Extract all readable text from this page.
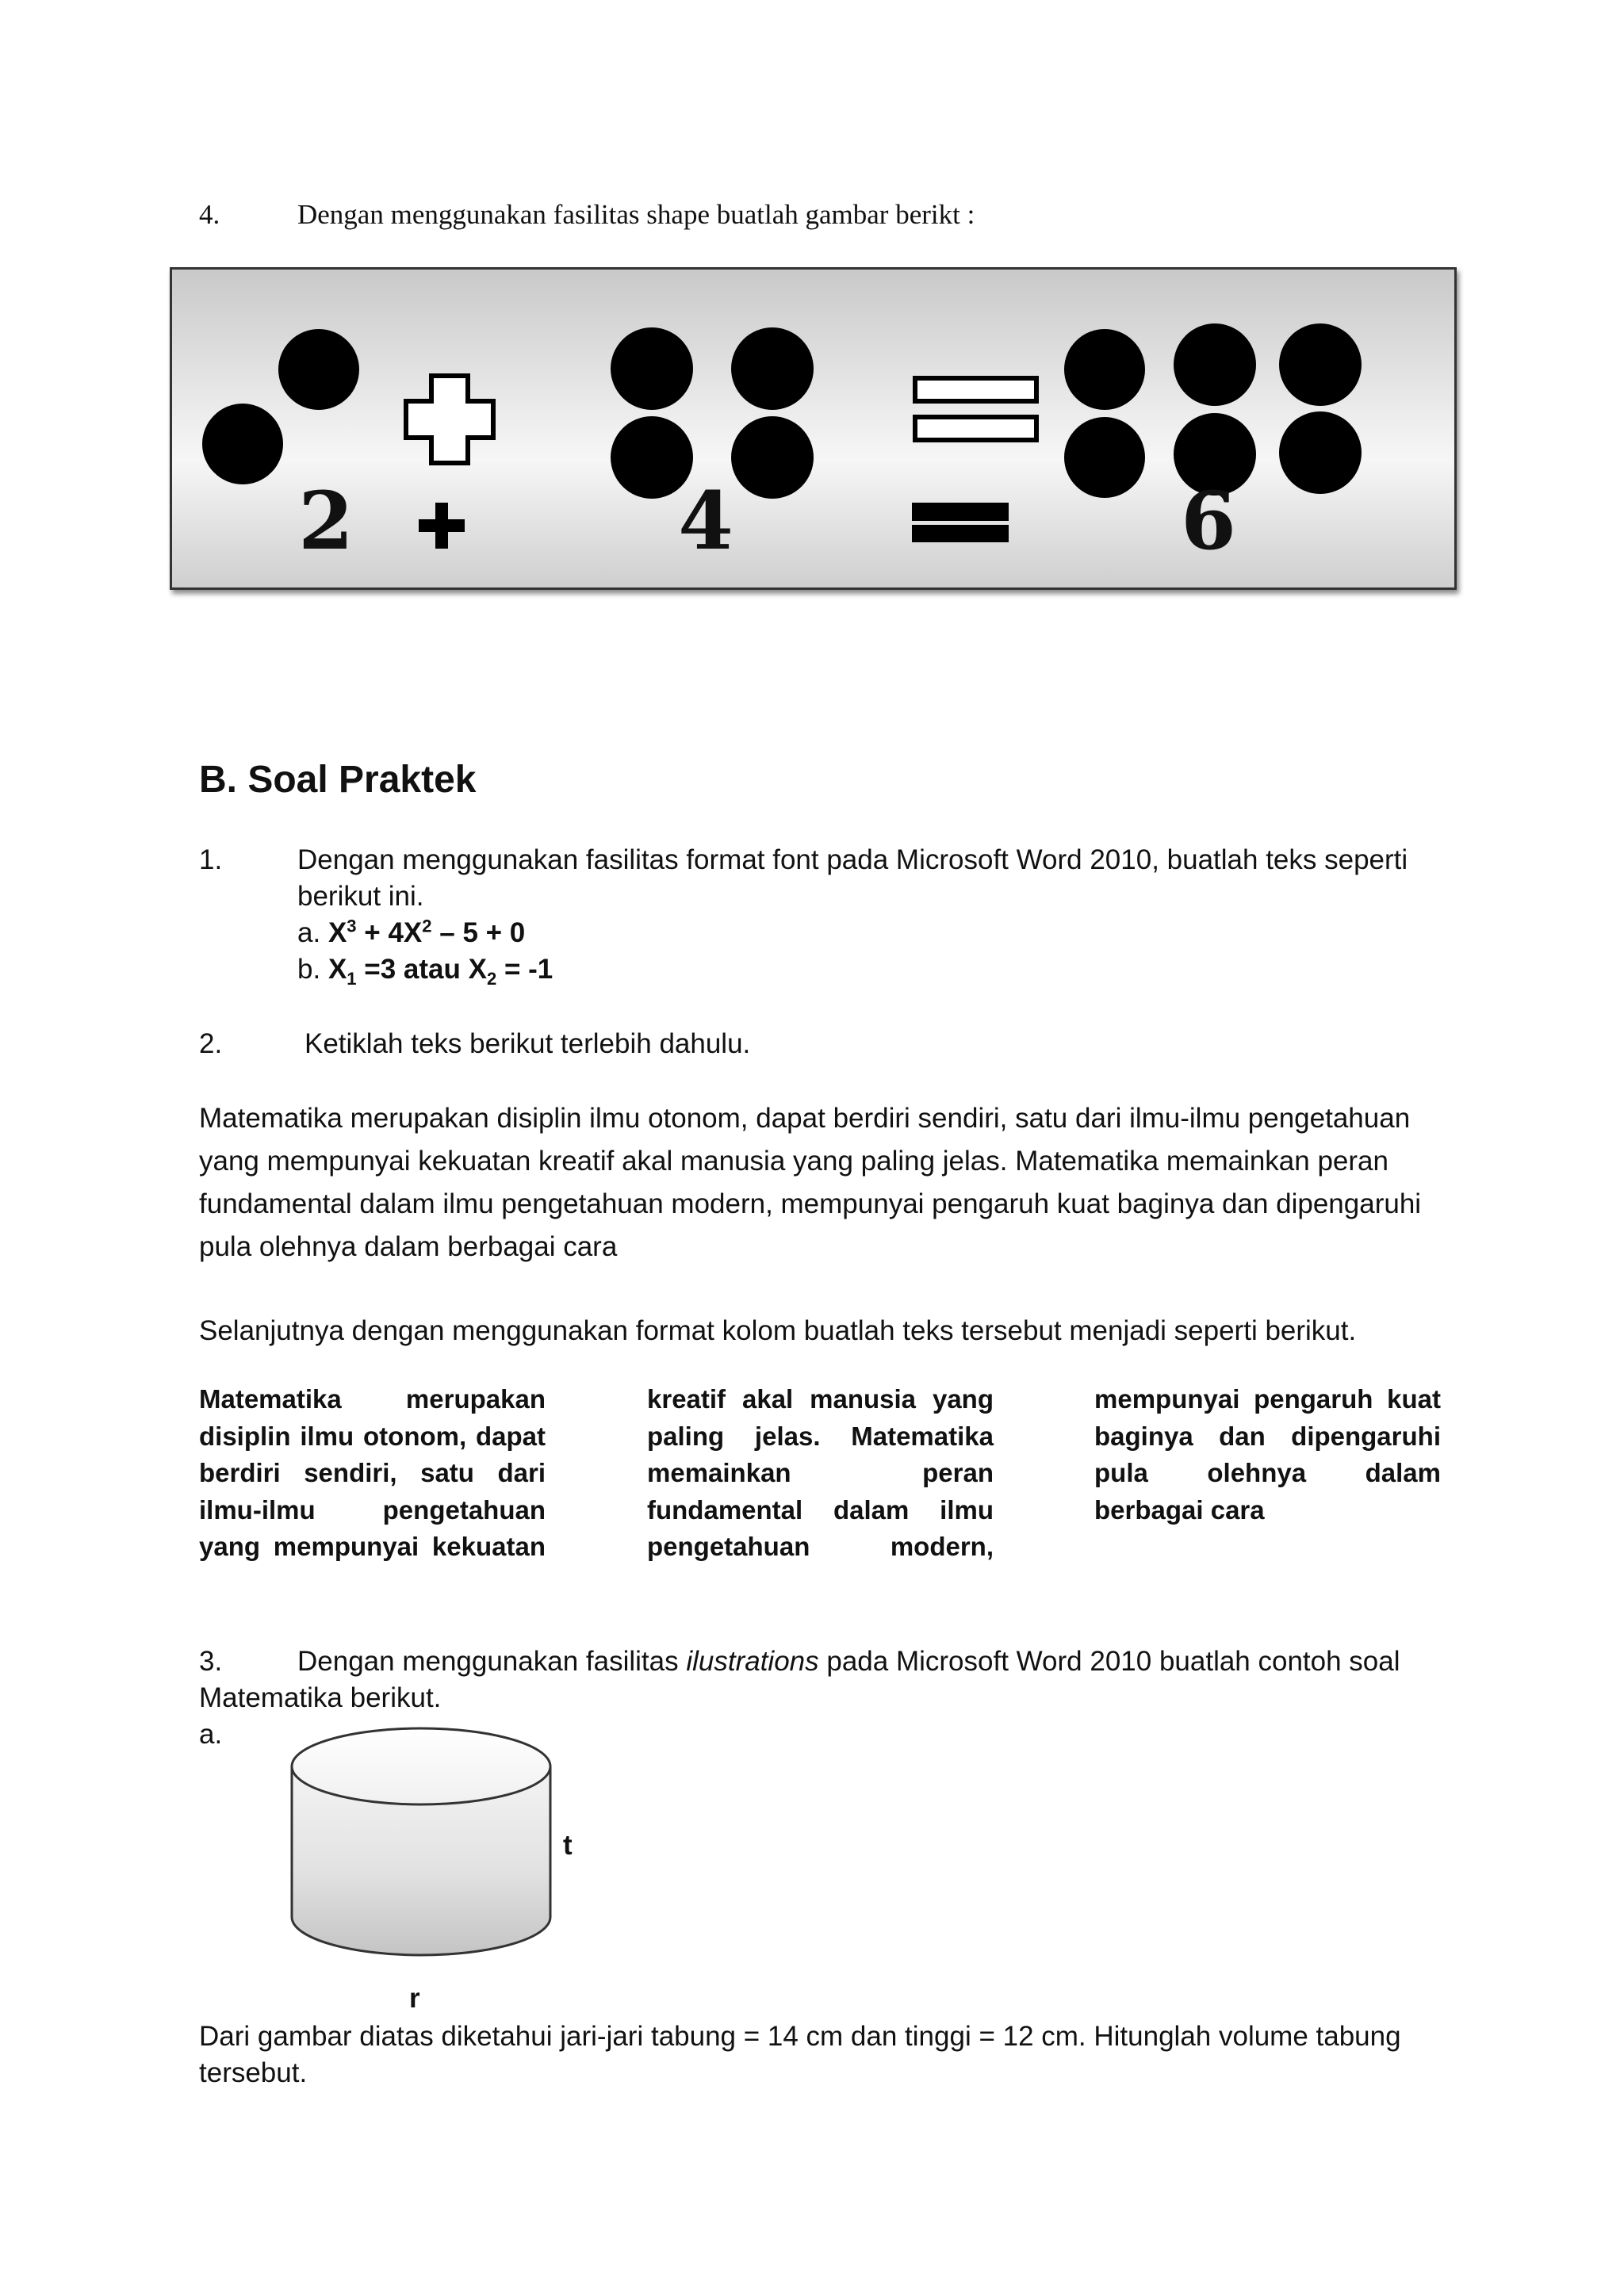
4.	Dengan menggunakan fasilitas shape buatlah gambar berikt :
2	4	6
B. Soal Praktek
1.	Dengan menggunakan fasilitas format font pada Microsoft Word 2010, buatlah teks seperti
berikut ini.
a. $X^3 + 4X^2 - 5 + 0$
b. $X_1 =3$ atau $X_2 = -1$
2.	Ketiklah teks berikut terlebih dahulu.
Matematika merupakan disiplin ilmu otonom, dapat berdiri sendiri, satu dari ilmu-ilmu pengetahuan
yang mempunyai kekuatan kreatif akal manusia yang paling jelas. Matematika memainkan peran
fundamental dalam ilmu pengetahuan modern, mempunyai pengaruh kuat baginya dan dipengaruhi
pula olehnya dalam berbagai cara
Selanjutnya dengan menggunakan format kolom buatlah teks tersebut menjadi seperti berikut.
Matematika merupakan
disiplin ilmu otonom, dapat
berdiri sendiri, satu dari
ilmu-ilmu pengetahuan
yang mempunyai kekuatan
kreatif akal manusia yang
paling jelas. Matematika
memainkan peran
fundamental dalam ilmu
pengetahuan modern,
mempunyai pengaruh kuat
baginya dan dipengaruhi
pula olehnya dalam
berbagai cara
3.	Dengan menggunakan fasilitas ilustrations pada Microsoft Word 2010 buatlah contoh soal
Matematika berikut.
a.
t
r
Dari gambar diatas diketahui jari-jari tabung = 14 cm dan tinggi = 12 cm. Hitunglah volume tabung
tersebut.
